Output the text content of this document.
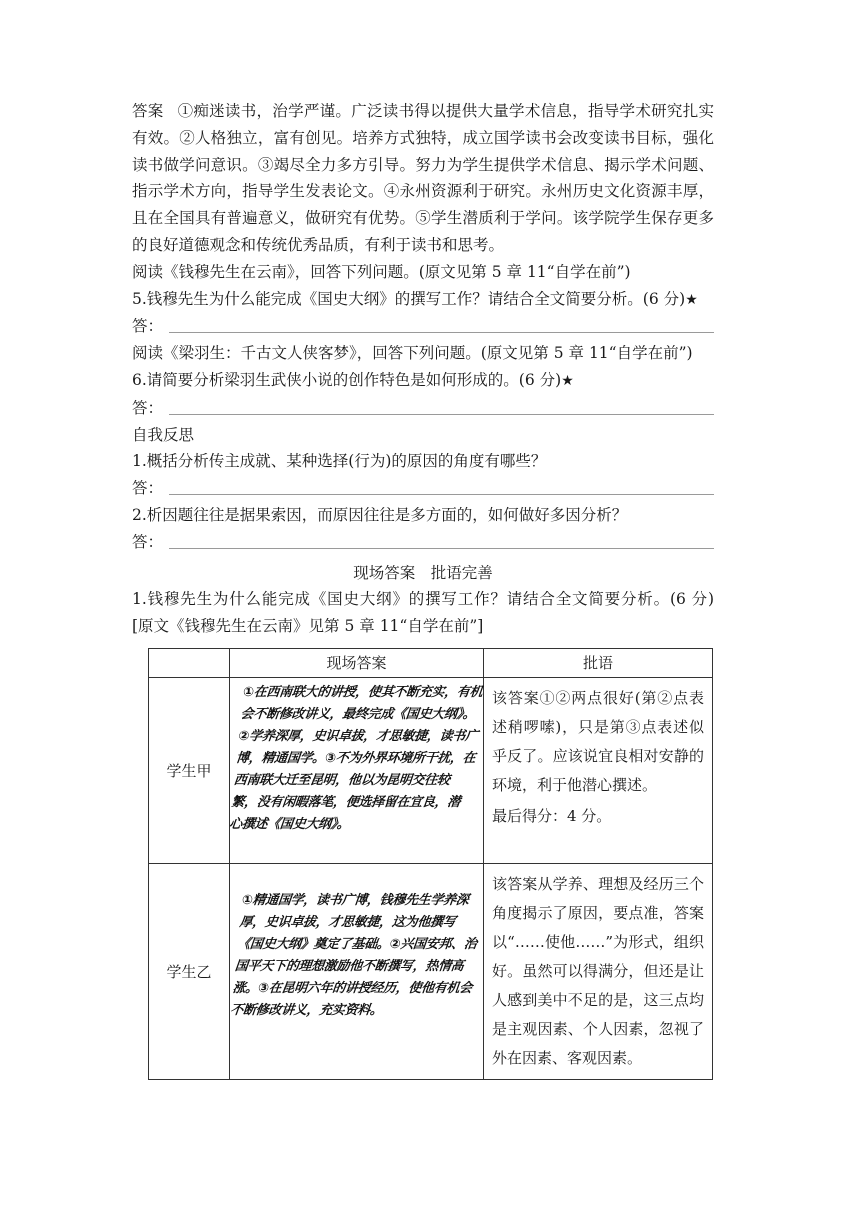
答案 ①痴迷读书，治学严谨。广泛读书得以提供大量学术信息，指导学术研究扎实有效。②人格独立，富有创见。培养方式独特，成立国学读书会改变读书目标，强化读书做学问意识。③竭尽全力多方引导。努力为学生提供学术信息、揭示学术问题、指示学术方向，指导学生发表论文。④永州资源利于研究。永州历史文化资源丰厚，且在全国具有普遍意义，做研究有优势。⑤学生潜质利于学问。该学院学生保存更多的良好道德观念和传统优秀品质，有利于读书和思考。

阅读《钱穆先生在云南》，回答下列问题。(原文见第 5 章 11“自学在前”)

5.钱穆先生为什么能完成《国史大纲》的撰写工作？请结合全文简要分析。(6 分)★

答：

阅读《梁羽生：千古文人侠客梦》，回答下列问题。(原文见第 5 章 11“自学在前”)

6.请简要分析梁羽生武侠小说的创作特色是如何形成的。(6 分)★

答：

自我反思

1.概括分析传主成就、某种选择(行为)的原因的角度有哪些？

答：

2.析因题往往是据果索因，而原因往往是多方面的，如何做好多因分析？

答：

现场答案　批语完善

1.钱穆先生为什么能完成《国史大纲》的撰写工作？请结合全文简要分析。(6 分)　[原文《钱穆先生在云南》见第 5 章 11“自学在前”]

	现场答案	批语
学生甲	①在西南联大的讲授，使其不断充实，有机会不断修改讲义，最终完成《国史大纲》。②学养深厚，史识卓拔，才思敏捷，读书广博，精通国学。③不为外界环境所干扰，在西南联大迁至昆明，他以为昆明交往较繁，没有闲暇落笔，便选择留在宜良，潜心撰述《国史大纲》。	该答案①②两点很好(第②点表述稍啰嗦)，只是第③点表述似乎反了。应该说宜良相对安静的环境，利于他潜心撰述。
最后得分：4 分。

学生乙	①精通国学，读书广博，钱穆先生学养深厚，史识卓拔，才思敏捷，这为他撰写《国史大纲》奠定了基础。②兴国安邦、治国平天下的理想激励他不断撰写，热情高涨。③在昆明六年的讲授经历，使他有机会不断修改讲义，充实资料。	该答案从学养、理想及经历三个角度揭示了原因，要点准，答案以“……使他……”为形式，组织好。虽然可以得满分，但还是让人感到美中不足的是，这三点均是主观因素、个人因素，忽视了外在因素、客观因素。
